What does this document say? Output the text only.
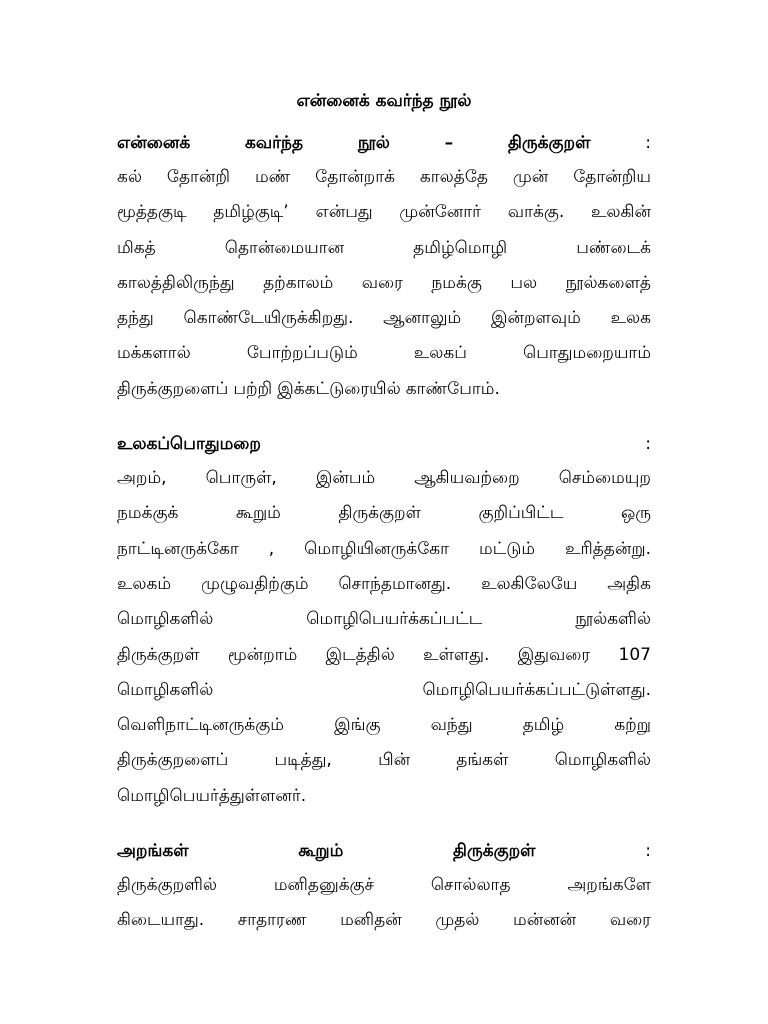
என்னைக் கவர்ந்த நூல்
என்னைக்	கவர்ந்த	நூல்	–	திருக்குறள்	:
கல் தோன்றி மண் தோன்றாக் காலத்தே முன் தோன்றிய
மூத்தகுடி தமிழ்குடி’ என்பது முன்னோர் வாக்கு. உலகின்
மிகத்	தொன்மையான	தமிழ்மொழி	பண்டைக்
காலத்திலிருந்து தற்காலம் வரை நமக்கு பல நூல்களைத்
தந்து கொண்டேயிருக்கிறது. ஆனாலும் இன்றளவும் உலக
மக்களால்	போற்றப்படும்	உலகப்	பொதுமறையாம்
திருக்குறளைப் பற்றி இக்கட்டுரையில் காண்போம்.
உலகப்பொதுமறை	:
அறம், பொருள், இன்பம் ஆகியவற்றை செம்மையுற
நமக்குக்	கூறும்	திருக்குறள்	குறிப்பிட்ட	ஒரு
நாட்டினருக்கோ , மொழியினருக்கோ மட்டும் உரித்தன்று.
உலகம் முழுவதிற்கும் சொந்தமானது. உலகிலேயே அதிக
மொழிகளில்	மொழிபெயர்க்கப்பட்ட	நூல்களில்
திருக்குறள் மூன்றாம் இடத்தில் உள்ளது. இதுவரை 107
மொழிகளில்	மொழிபெயர்க்கப்பட்டுள்ளது.
வெளிநாட்டினருக்கும்	இங்கு	வந்து	தமிழ்	கற்று
திருக்குறளைப்	படித்து,	பின்	தங்கள்	மொழிகளில்
மொழிபெயர்த்துள்ளனர்.
அறங்கள்	கூறும்	திருக்குறள்	:
திருக்குறளில்	மனிதனுக்குச்	சொல்லாத	அறங்களே
கிடையாது. சாதாரண மனிதன் முதல் மன்னன் வரை
